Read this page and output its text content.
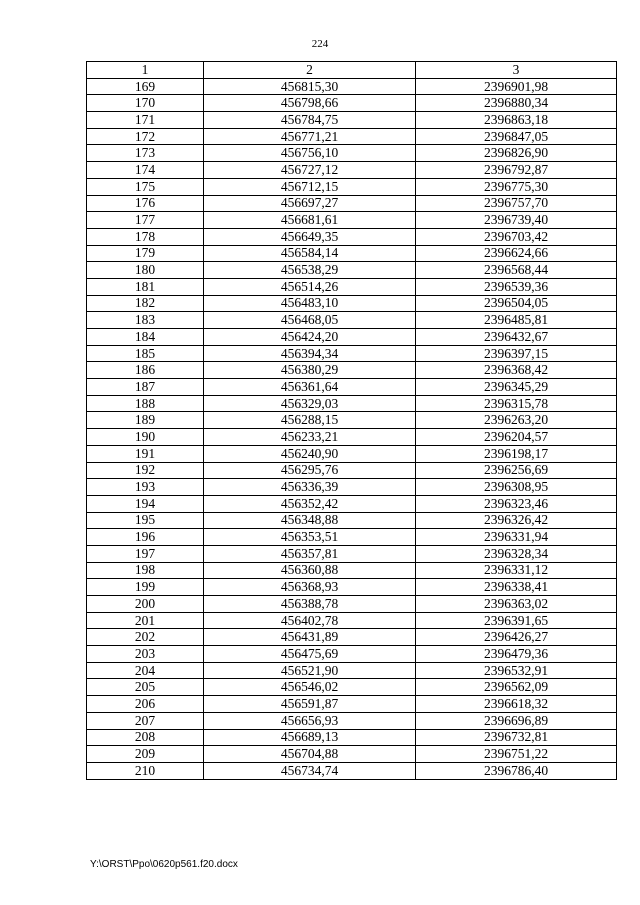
224
1	2	3
169	456815,30	2396901,98
170	456798,66	2396880,34
171	456784,75	2396863,18
172	456771,21	2396847,05
173	456756,10	2396826,90
174	456727,12	2396792,87
175	456712,15	2396775,30
176	456697,27	2396757,70
177	456681,61	2396739,40
178	456649,35	2396703,42
179	456584,14	2396624,66
180	456538,29	2396568,44
181	456514,26	2396539,36
182	456483,10	2396504,05
183	456468,05	2396485,81
184	456424,20	2396432,67
185	456394,34	2396397,15
186	456380,29	2396368,42
187	456361,64	2396345,29
188	456329,03	2396315,78
189	456288,15	2396263,20
190	456233,21	2396204,57
191	456240,90	2396198,17
192	456295,76	2396256,69
193	456336,39	2396308,95
194	456352,42	2396323,46
195	456348,88	2396326,42
196	456353,51	2396331,94
197	456357,81	2396328,34
198	456360,88	2396331,12
199	456368,93	2396338,41
200	456388,78	2396363,02
201	456402,78	2396391,65
202	456431,89	2396426,27
203	456475,69	2396479,36
204	456521,90	2396532,91
205	456546,02	2396562,09
206	456591,87	2396618,32
207	456656,93	2396696,89
208	456689,13	2396732,81
209	456704,88	2396751,22
210	456734,74	2396786,40
Y:\ORST\Ppo\0620p561.f20.docx
